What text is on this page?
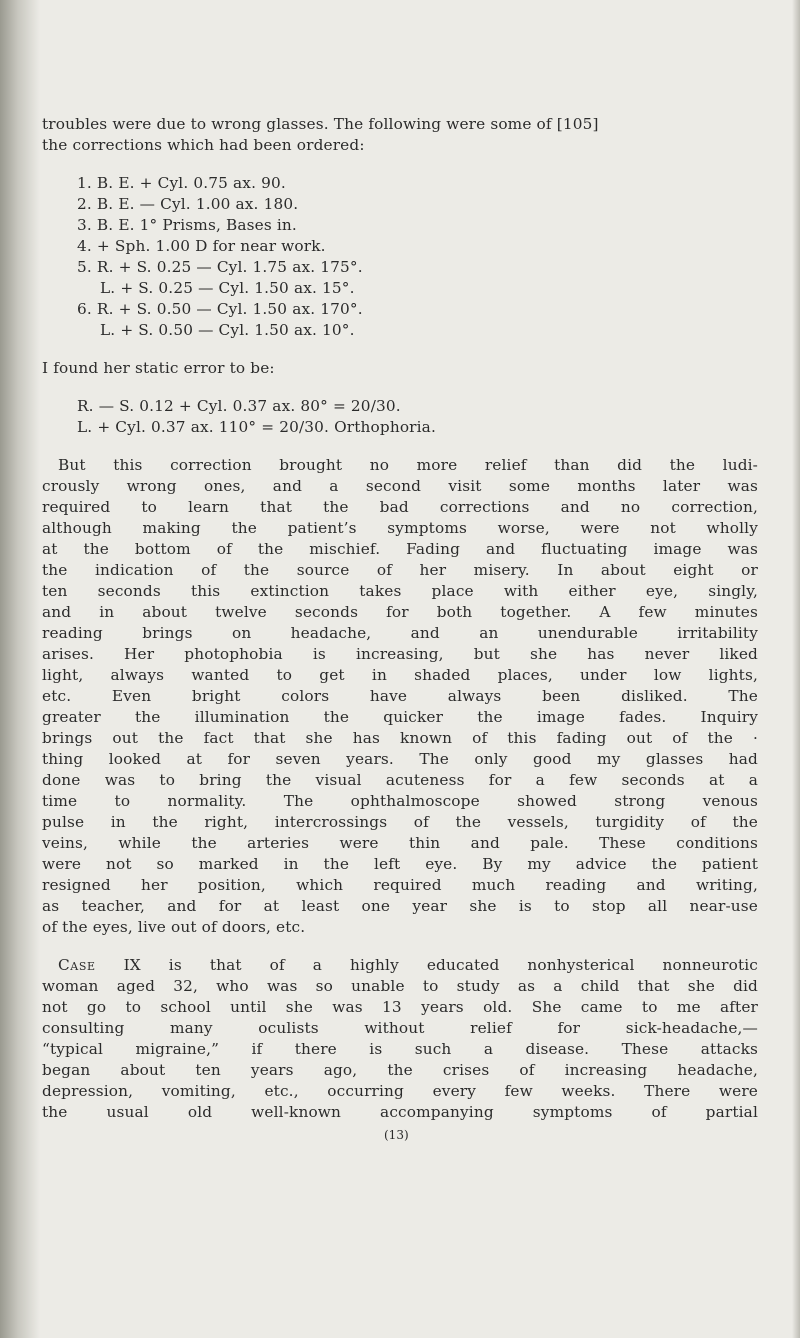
troubles were due to wrong glasses. The following were some of [105]
the corrections which had been ordered:
1. B. E. + Cyl. 0.75 ax. 90.
2. B. E. — Cyl. 1.00 ax. 180.
3. B. E. 1° Prisms, Bases in.
4. + Sph. 1.00 D for near work.
5. R. + S. 0.25 — Cyl. 1.75 ax. 175°.
L. + S. 0.25 — Cyl. 1.50 ax. 15°.
6. R. + S. 0.50 — Cyl. 1.50 ax. 170°.
L. + S. 0.50 — Cyl. 1.50 ax. 10°.
I found her static error to be:
R. — S. 0.12 + Cyl. 0.37 ax. 80° = 20/30.
L. + Cyl. 0.37 ax. 110° = 20/30. Orthophoria.
But this correction brought no more relief than did the ludi-
crously wrong ones, and a second visit some months later was
required to learn that the bad corrections and no correction,
although making the patient’s symptoms worse, were not wholly
at the bottom of the mischief. Fading and fluctuating image was
the indication of the source of her misery. In about eight or
ten seconds this extinction takes place with either eye, singly,
and in about twelve seconds for both together. A few minutes
reading brings on headache, and an unendurable irritability
arises. Her photophobia is increasing, but she has never liked
light, always wanted to get in shaded places, under low lights,
etc. Even bright colors have always been disliked. The
greater the illumination the quicker the image fades. Inquiry
brings out the fact that she has known of this fading out of the ·
thing looked at for seven years. The only good my glasses had
done was to bring the visual acuteness for a few seconds at a
time to normality. The ophthalmoscope showed strong venous
pulse in the right, intercrossings of the vessels, turgidity of the
veins, while the arteries were thin and pale. These conditions
were not so marked in the left eye. By my advice the patient
resigned her position, which required much reading and writing,
as teacher, and for at least one year she is to stop all near-use
of the eyes, live out of doors, etc.
Case IX is that of a highly educated nonhysterical nonneurotic
woman aged 32, who was so unable to study as a child that she did
not go to school until she was 13 years old. She came to me after
consulting many oculists without relief for sick-headache,—
“typical migraine,” if there is such a disease. These attacks
began about ten years ago, the crises of increasing headache,
depression, vomiting, etc., occurring every few weeks. There were
the usual old well-known accompanying symptoms of partial
(13)
